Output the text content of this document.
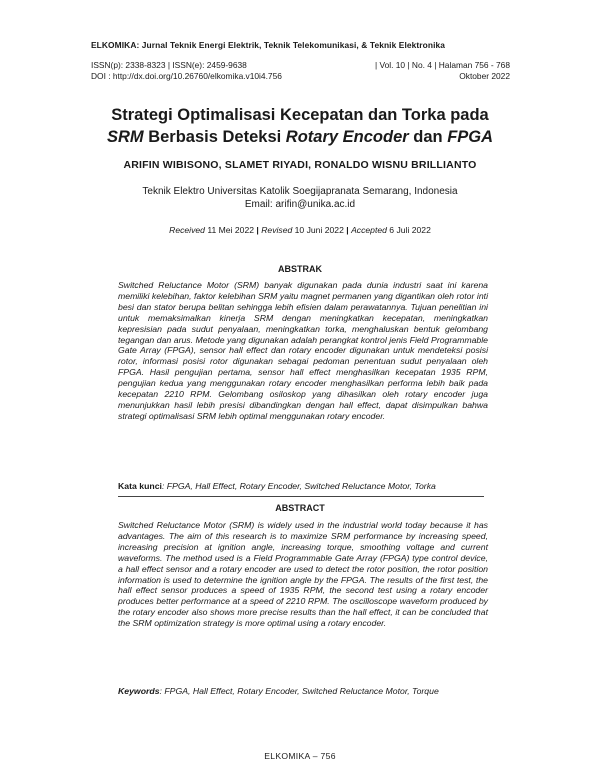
ELKOMIKA: Jurnal Teknik Energi Elektrik, Teknik Telekomunikasi, & Teknik Elektronika
ISSN(p): 2338-8323 | ISSN(e): 2459-9638
DOI : http://dx.doi.org/10.26760/elkomika.v10i4.756
| Vol. 10 | No. 4 | Halaman 756 - 768
Oktober 2022
Strategi Optimalisasi Kecepatan dan Torka pada
SRM Berbasis Deteksi Rotary Encoder dan FPGA
ARIFIN WIBISONO, SLAMET RIYADI, RONALDO WISNU BRILLIANTO
Teknik Elektro Universitas Katolik Soegijapranata Semarang, Indonesia
Email: arifin@unika.ac.id
Received 11 Mei 2022 | Revised 10 Juni 2022 | Accepted 6 Juli 2022
ABSTRAK
Switched Reluctance Motor (SRM) banyak digunakan pada dunia industri saat ini karena memiliki kelebihan, faktor kelebihan SRM yaitu magnet permanen yang digantikan oleh rotor inti besi dan stator berupa belitan sehingga lebih efisien dalam perawatannya. Tujuan penelitian ini untuk memaksimalkan kinerja SRM dengan meningkatkan kecepatan, meningkatkan kepresisian pada sudut penyalaan, meningkatkan torka, menghaluskan bentuk gelombang tegangan dan arus. Metode yang digunakan adalah perangkat kontrol jenis Field Programmable Gate Array (FPGA), sensor hall effect dan rotary encoder digunakan untuk mendeteksi posisi rotor, informasi posisi rotor digunakan sebagai pedoman penentuan sudut penyalaan oleh FPGA. Hasil pengujian pertama, sensor hall effect menghasilkan kecepatan 1935 RPM, pengujian kedua yang menggunakan rotary encoder menghasilkan performa lebih baik pada kecepatan 2210 RPM. Gelombang osiloskop yang dihasilkan oleh rotary encoder juga menunjukkan hasil lebih presisi dibandingkan dengan hall effect, dapat disimpulkan bahwa strategi optimalisasi SRM lebih optimal menggunakan rotary encoder.
Kata kunci: FPGA, Hall Effect, Rotary Encoder, Switched Reluctance Motor, Torka
ABSTRACT
Switched Reluctance Motor (SRM) is widely used in the industrial world today because it has advantages. The aim of this research is to maximize SRM performance by increasing speed, increasing precision at ignition angle, increasing torque, smoothing voltage and current waveforms. The method used is a Field Programmable Gate Array (FPGA) type control device, a hall effect sensor and a rotary encoder are used to detect the rotor position, the rotor position information is used to determine the ignition angle by the FPGA. The results of the first test, the hall effect sensor produces a speed of 1935 RPM, the second test using a rotary encoder produces better performance at a speed of 2210 RPM. The oscilloscope waveform produced by the rotary encoder also shows more precise results than the hall effect, it can be concluded that the SRM optimization strategy is more optimal using a rotary encoder.
Keywords: FPGA, Hall Effect, Rotary Encoder, Switched Reluctance Motor, Torque
ELKOMIKA – 756
